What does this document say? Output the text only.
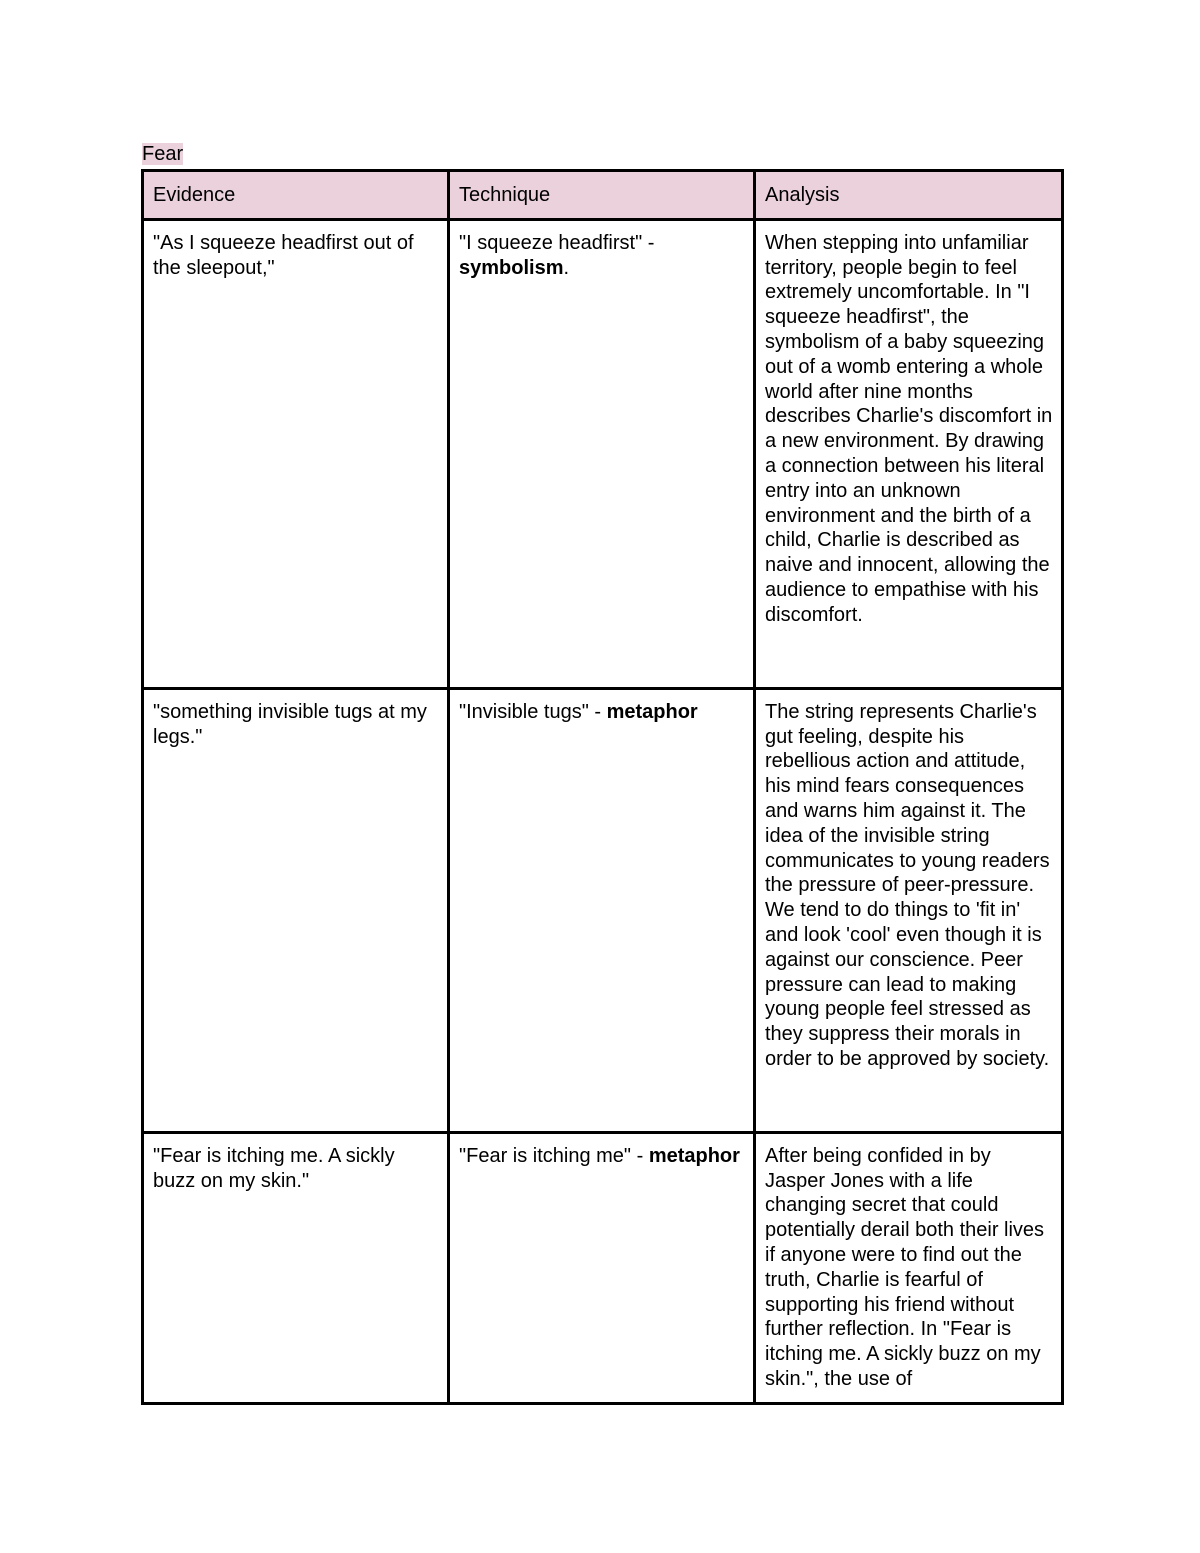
Fear
Evidence	Technique	Analysis
"As I squeeze headfirst out of the sleepout,"	"I squeeze headfirst" - symbolism.	When stepping into unfamiliar territory, people begin to feel extremely uncomfortable. In "I squeeze headfirst", the symbolism of a baby squeezing out of a womb entering a whole world after nine months describes Charlie's discomfort in a new environment. By drawing a connection between his literal entry into an unknown environment and the birth of a child, Charlie is described as naive and innocent, allowing the audience to empathise with his discomfort.
"something invisible tugs at my legs."	"Invisible tugs" - metaphor	The string represents Charlie's gut feeling, despite his rebellious action and attitude, his mind fears consequences and warns him against it. The idea of the invisible string communicates to young readers the pressure of peer-pressure. We tend to do things to 'fit in' and look 'cool' even though it is against our conscience. Peer pressure can lead to making young people feel stressed as they suppress their morals in order to be approved by society.
"Fear is itching me. A sickly buzz on my skin."	"Fear is itching me" - metaphor	After being confided in by Jasper Jones with a life changing secret that could potentially derail both their lives if anyone were to find out the truth, Charlie is fearful of supporting his friend without further reflection. In "Fear is itching me. A sickly buzz on my skin.", the use of
